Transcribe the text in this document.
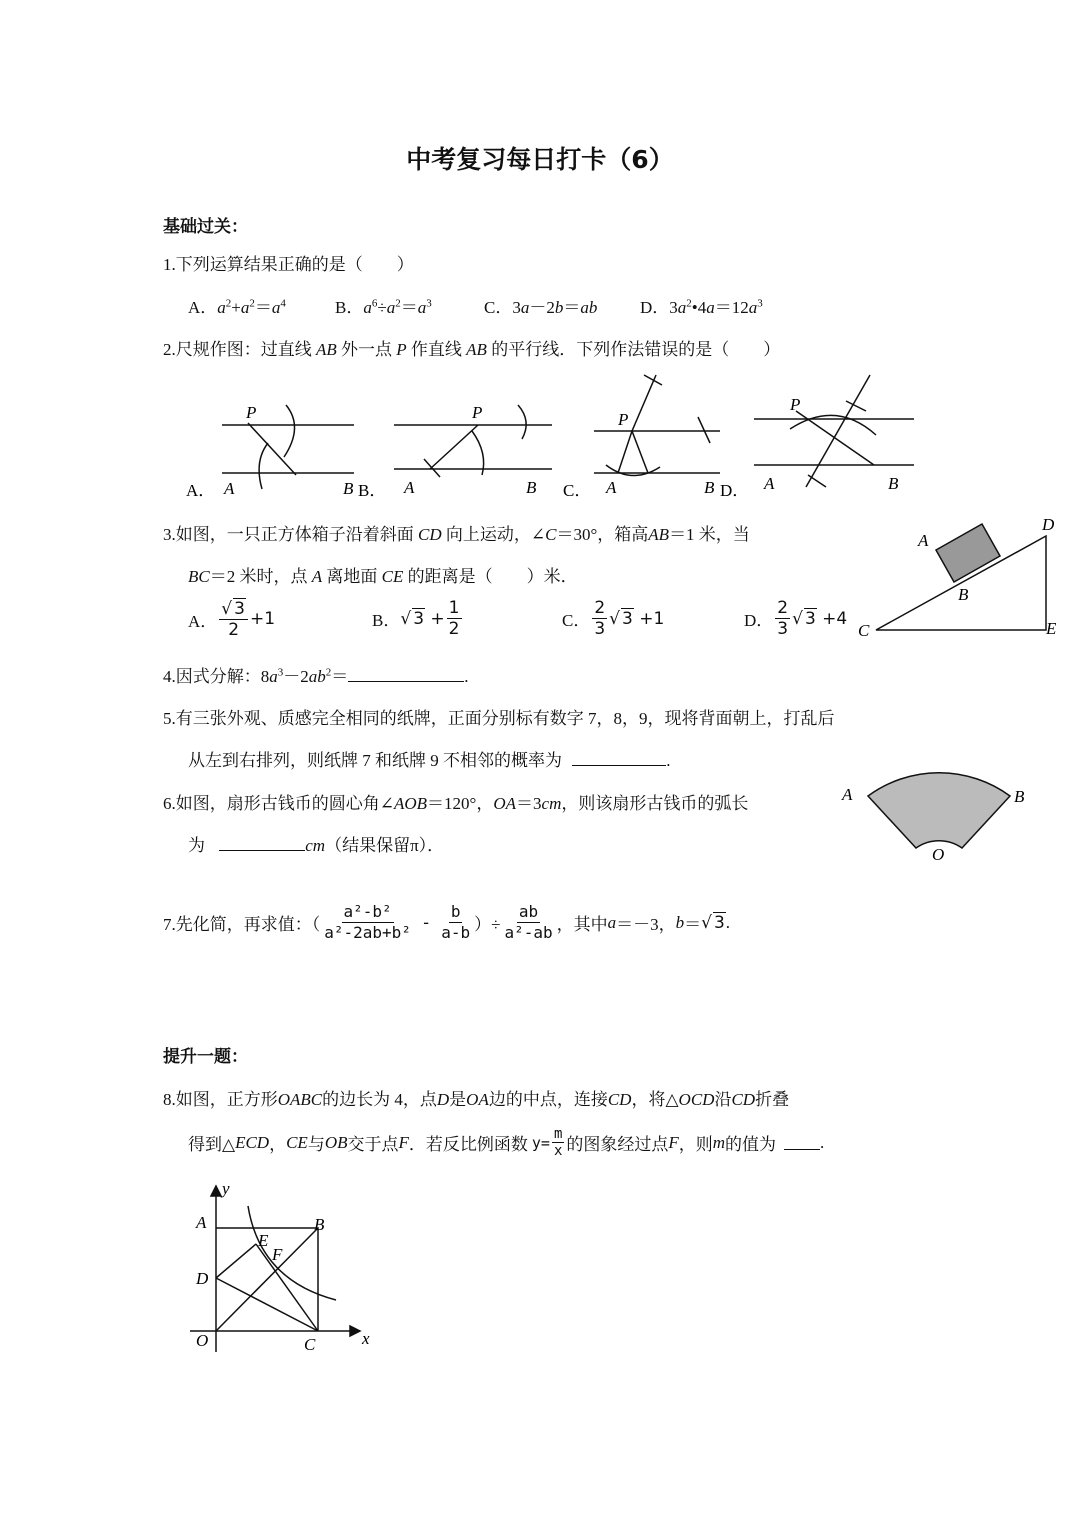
中考复习每日打卡（6）
基础过关：
1.下列运算结果正确的是（　　）
A．$a^2+a^2=a^4$	B．$a^6\div a^2=a^3$	C．3a－2b＝ab	D．$3a^2•4a=12a^3$
2.尺规作图：过直线 AB 外一点 P 作直线 AB 的平行线．下列作法错误的是（　　）
P
A	B
A．	B．
P
A	B C．
P
A	B D．
P
A	B
3.如图，一只正方体箱子沿着斜面 CD 向上运动，∠C＝30°，箱高AB＝1 米，当
BC＝2 米时，点 A 离地面 CE 的距离是（　　）米．
A． $\frac{√ 3}{2} +1$	B． √ $3 + \frac{1}{2}$	C． $\frac{2}{3}$ √ 3 +1	D． $\frac{2}{3}$ √ 3 +4
A
B
C
D
E
4.因式分解：$8a^3-2ab^2=$	.
5.有三张外观、质感完全相同的纸牌，正面分别标有数字 7，8，9，现将背面朝上，打乱后
从左到右排列，则纸牌 7 和纸牌 9 不相邻的概率为	.
6.如图，扇形古钱币的圆心角∠AOB＝120°，OA＝3cm，则该扇形古钱币的弧长
为	cm（结果保留π）．
A	B
O
7.先化简，再求值：（ $\frac{\text{a²-b²}}{\text{a²-2ab+b²}} - \frac{b}{a-b}$ ）÷ $\frac{ab}{\text{a²-ab}}$ ，其中 a ＝－3， b ＝ √ 3 .
提升一题：
8.如图，正方形OABC的边长为 4，点D是OA边的中点，连接CD，将△OCD沿CD折叠
得到△ ECD ， CE 与 OB 交于点 F ．若反比例函数 $y= \frac{m}{x}$ 的图象经过点 F ，则 m 的值为	.
y
x
A	B
D
E
F
O	C
